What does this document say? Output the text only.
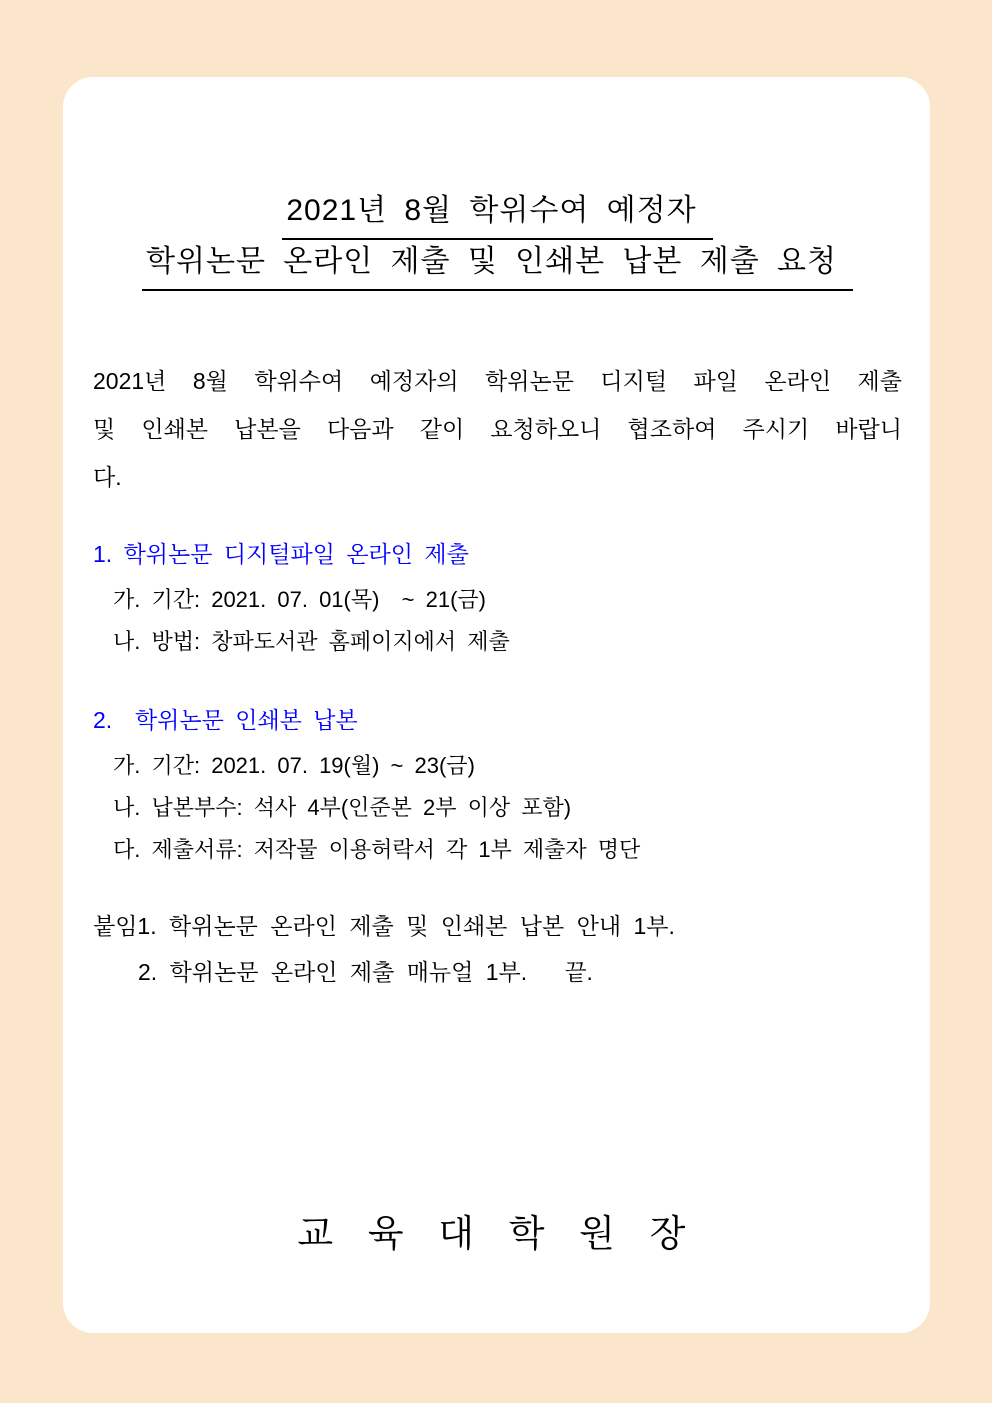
2021년 8월 학위수여 예정자
학위논문 온라인 제출 및 인쇄본 납본 제출 요청
2021년 8월 학위수여 예정자의 학위논문 디지털 파일 온라인 제출
및 인쇄본 납본을 다음과 같이 요청하오니 협조하여 주시기 바랍니
다.
1. 학위논문 디지털파일 온라인 제출
가. 기간: 2021. 07. 01(목)  ~ 21(금)
나. 방법: 창파도서관 홈페이지에서 제출
2.  학위논문 인쇄본 납본
가. 기간: 2021. 07. 19(월) ~ 23(금)
나. 납본부수: 석사 4부(인준본 2부 이상 포함)
다. 제출서류: 저작물 이용허락서 각 1부 제출자 명단
붙임1. 학위논문 온라인 제출 및 인쇄본 납본 안내 1부.
2. 학위논문 온라인 제출 매뉴얼 1부.   끝.
교 육 대 학 원 장
